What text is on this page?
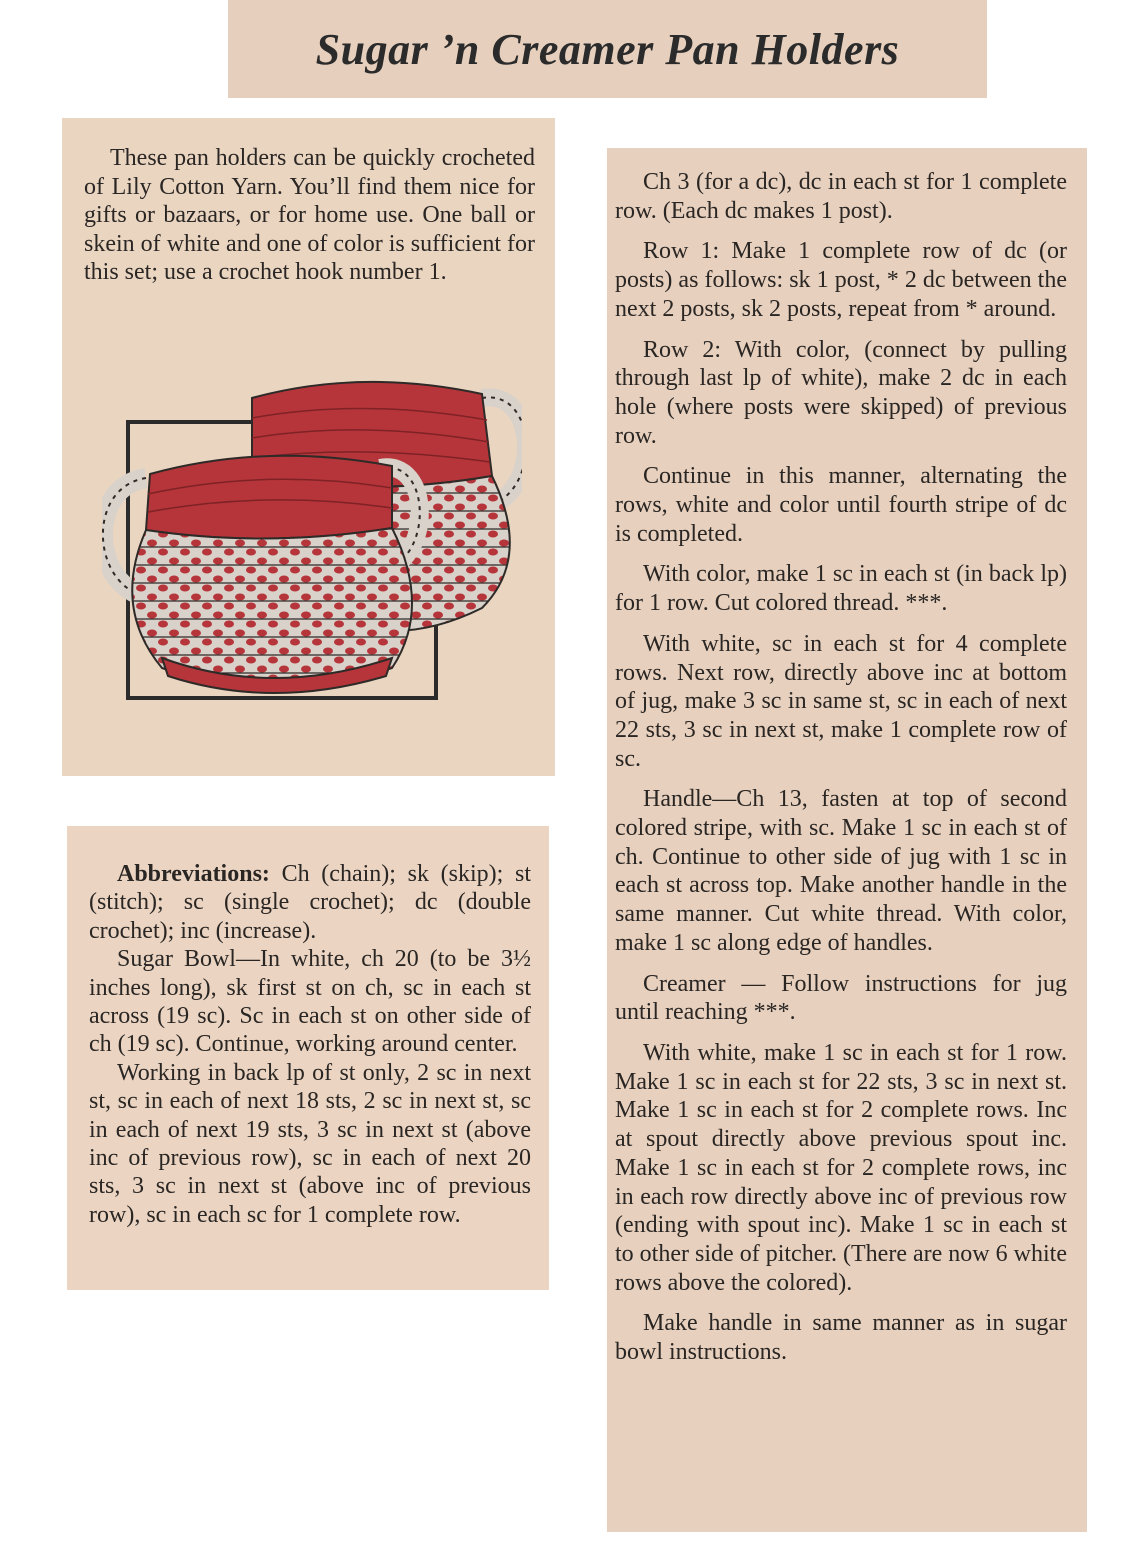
Sugar ’n Creamer Pan Holders

These pan holders can be quickly crocheted of Lily Cotton Yarn. You’ll find them nice for gifts or bazaars, or for home use. One ball or skein of white and one of color is sufficient for this set; use a crochet hook number 1.

Abbreviations: Ch (chain); sk (skip); st (stitch); sc (single crochet); dc (double crochet); inc (increase).

Sugar Bowl—In white, ch 20 (to be 3½ inches long), sk first st on ch, sc in each st across (19 sc). Sc in each st on other side of ch (19 sc). Continue, working around center.

Working in back lp of st only, 2 sc in next st, sc in each of next 18 sts, 2 sc in next st, sc in each of next 19 sts, 3 sc in next st (above inc of previous row), sc in each of next 20 sts, 3 sc in next st (above inc of previous row), sc in each sc for 1 complete row.

Ch 3 (for a dc), dc in each st for 1 complete row. (Each dc makes 1 post).

Row 1: Make 1 complete row of dc (or posts) as follows: sk 1 post, * 2 dc between the next 2 posts, sk 2 posts, repeat from * around.

Row 2: With color, (connect by pulling through last lp of white), make 2 dc in each hole (where posts were skipped) of previous row.

Continue in this manner, alternating the rows, white and color until fourth stripe of dc is completed.

With color, make 1 sc in each st (in back lp) for 1 row. Cut colored thread. ***.

With white, sc in each st for 4 complete rows. Next row, directly above inc at bottom of jug, make 3 sc in same st, sc in each of next 22 sts, 3 sc in next st, make 1 complete row of sc.

Handle—Ch 13, fasten at top of second colored stripe, with sc. Make 1 sc in each st of ch. Continue to other side of jug with 1 sc in each st across top. Make another handle in the same manner. Cut white thread. With color, make 1 sc along edge of handles.

Creamer — Follow instructions for jug until reaching ***.

With white, make 1 sc in each st for 1 row. Make 1 sc in each st for 22 sts, 3 sc in next st. Make 1 sc in each st for 2 complete rows. Inc at spout directly above previous spout inc. Make 1 sc in each st for 2 complete rows, inc in each row directly above inc of previous row (ending with spout inc). Make 1 sc in each st to other side of pitcher. (There are now 6 white rows above the colored).

Make handle in same manner as in sugar bowl instructions.
